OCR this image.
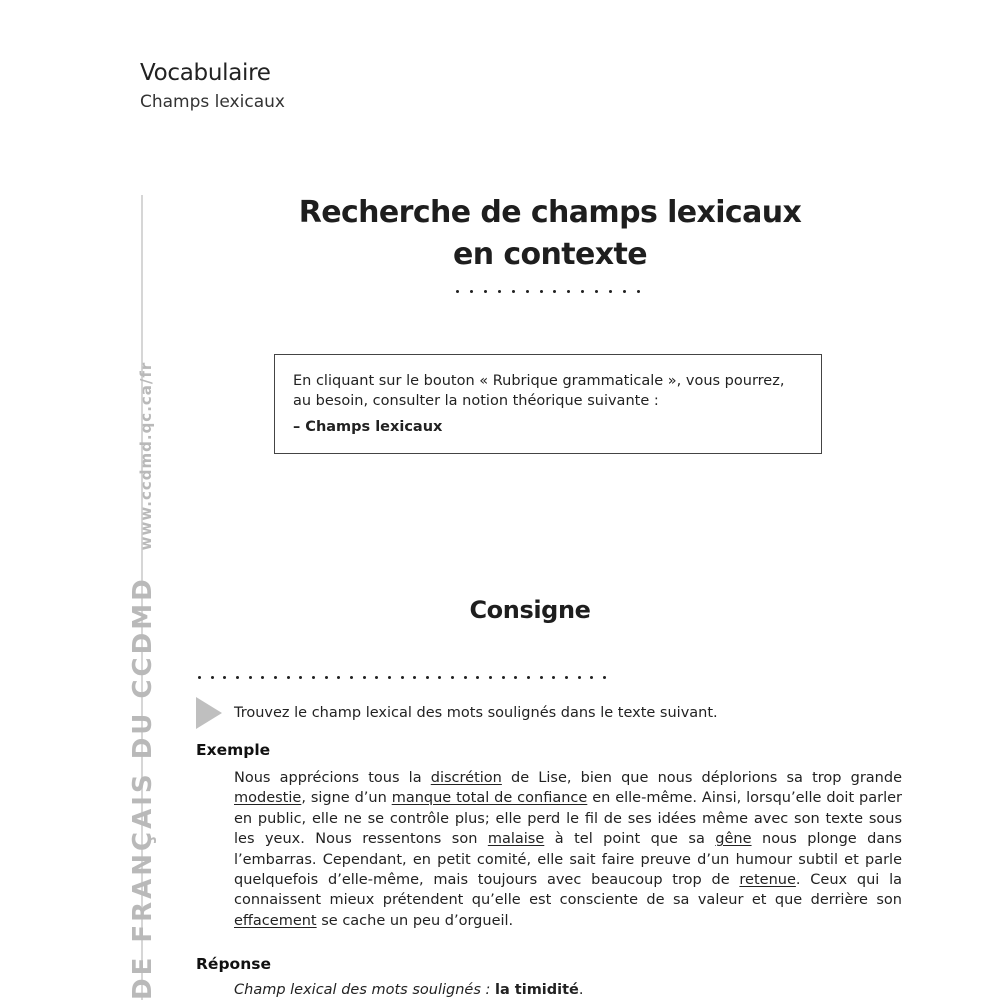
Vocabulaire
Champs lexicaux
DE FRANÇAIS DU CCDMDwww.ccdmd.qc.ca/fr
Recherche de champs lexicaux
en contexte

En cliquant sur le bouton « Rubrique grammaticale », vous pourrez,
au besoin, consulter la notion théorique suivante :

– Champs lexicaux
Consigne
Trouvez le champ lexical des mots soulignés dans le texte suivant.
Exemple
Nous apprécions tous la discrétion de Lise, bien que nous déplorions sa trop grande modestie, signe d’un manque total de confiance en elle-même. Ainsi, lorsqu’elle doit parler en public, elle ne se contrôle plus; elle perd le fil de ses idées même avec son texte sous les yeux. Nous ressentons son malaise à tel point que sa gêne nous plonge dans l’embarras. Cependant, en petit comité, elle sait faire preuve d’un humour subtil et parle quelquefois d’elle-même, mais toujours avec beaucoup trop de retenue. Ceux qui la connaissent mieux prétendent qu’elle est consciente de sa valeur et que derrière son effacement se cache un peu d’orgueil.
Réponse
Champ lexical des mots soulignés : la timidité.
